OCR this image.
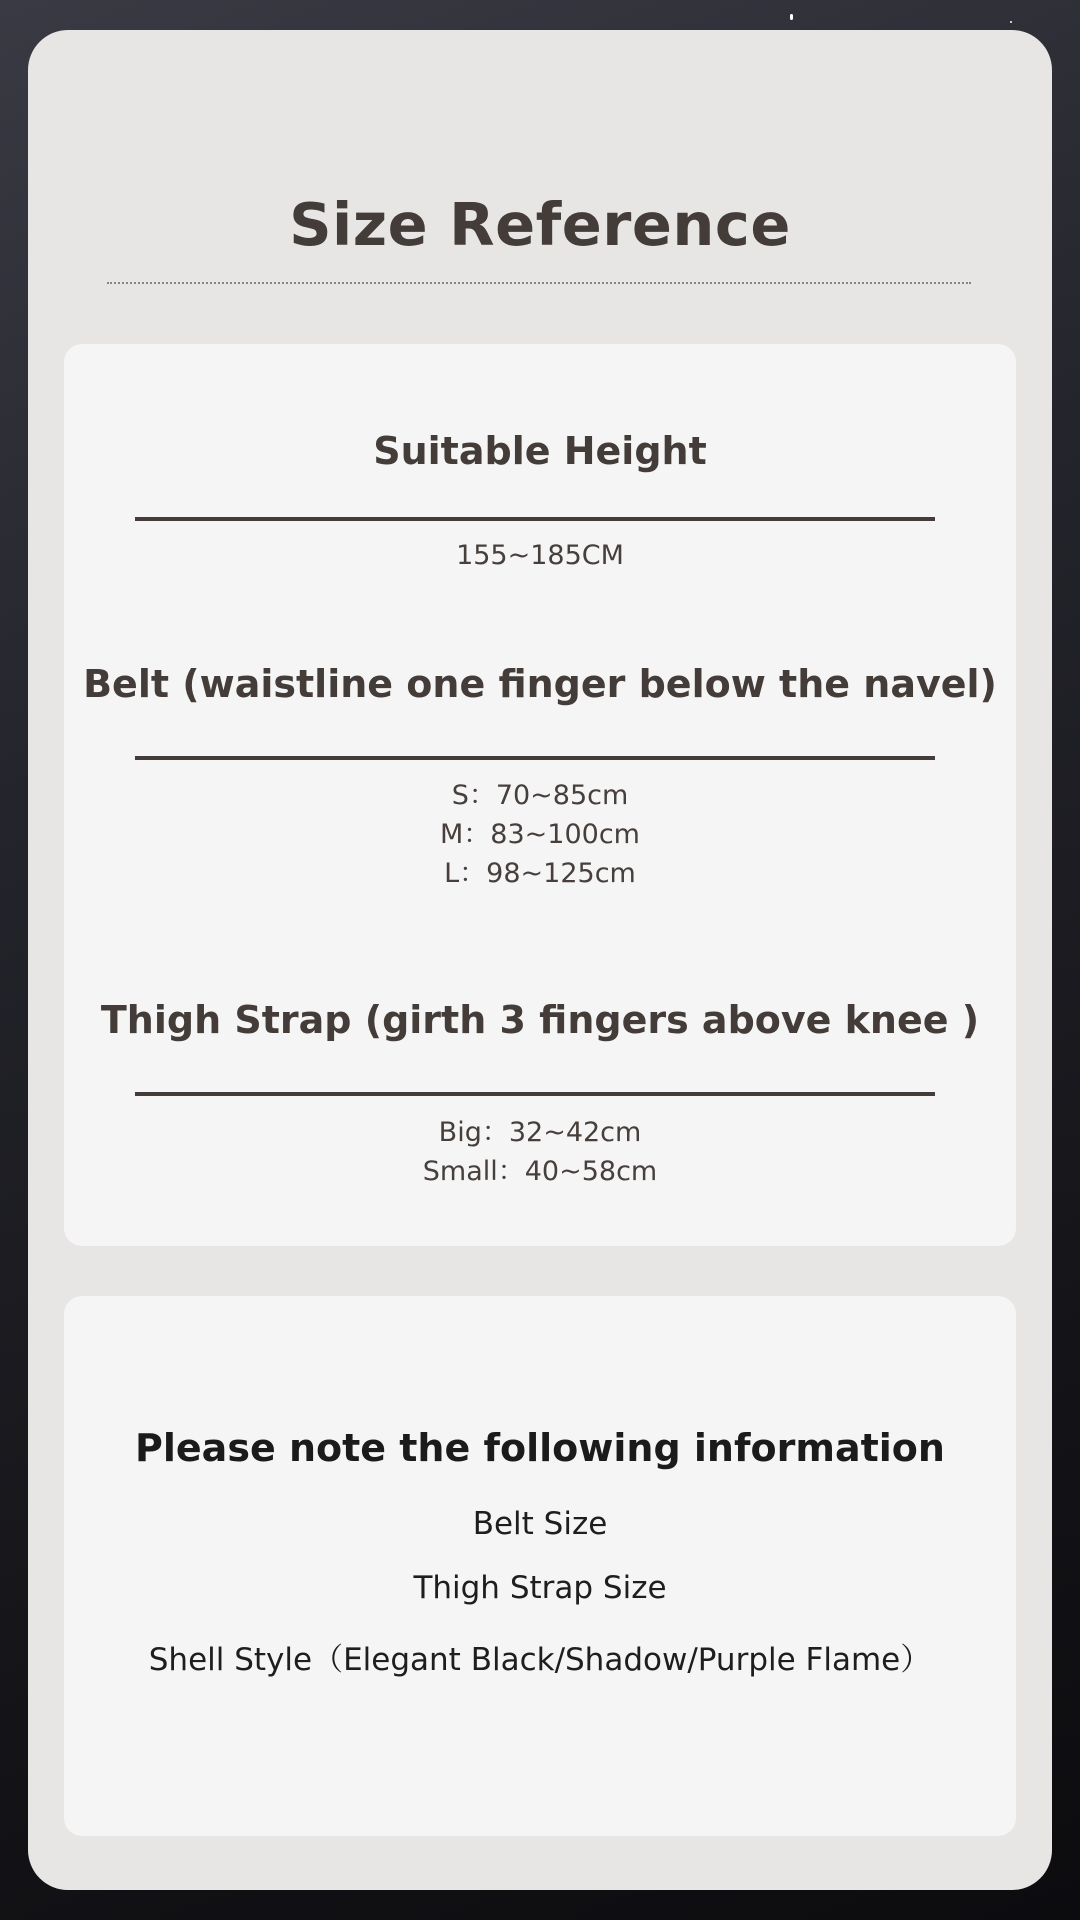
Size Reference
Suitable Height
155~185CM
Belt (waistline one finger below the navel)
S：70~85cm
M：83~100cm
L：98~125cm
Thigh Strap (girth 3 fingers above knee )
Big：32~42cm
Small：40~58cm
Please note the following information
Belt Size
Thigh Strap Size
Shell Style（Elegant Black/Shadow/Purple Flame）
